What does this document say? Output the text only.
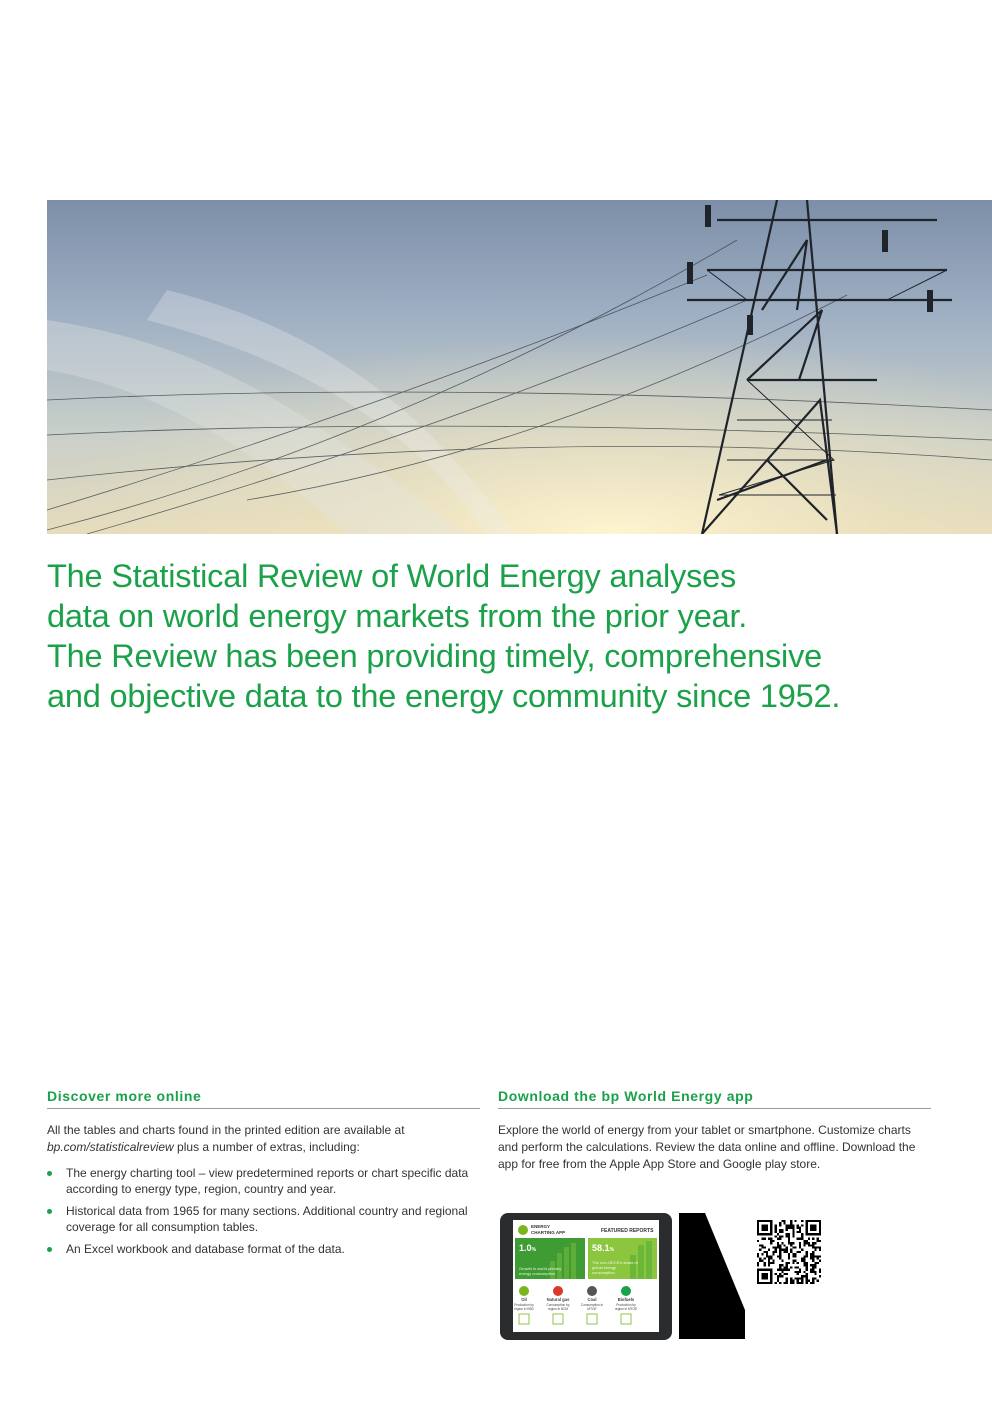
The Statistical Review of World Energy analyses

data on world energy markets from the prior year.

The Review has been providing timely, comprehensive

and objective data to the energy community since 1952.

Discover more online

All the tables and charts found in the printed edition are available at bp.com/statisticalreview plus a number of extras, including:

The energy charting tool – view predetermined reports or chart specific data according to energy type, region, country and year.
Historical data from 1965 for many sections. Additional country and regional coverage for all consumption tables.
An Excel workbook and database format of the data.
Download the bp World Energy app

Explore the world of energy from your tablet or smartphone. Customize charts and perform the calculations. Review the data online and offline. Download the app for free from the Apple App Store and Google play store.

ENERGY
CHARTING APP	FEATURED REPORTS
1.0%	58.1%
Growth in world primary
energy consumption
The non-OECD's share of
global energy
consumption
Oil
Production by
region in KBD
Natural gas
Consumption by
region in BCM
Coal
Consumption in
MTOE
Biofuels
Production by
region in MTOE
